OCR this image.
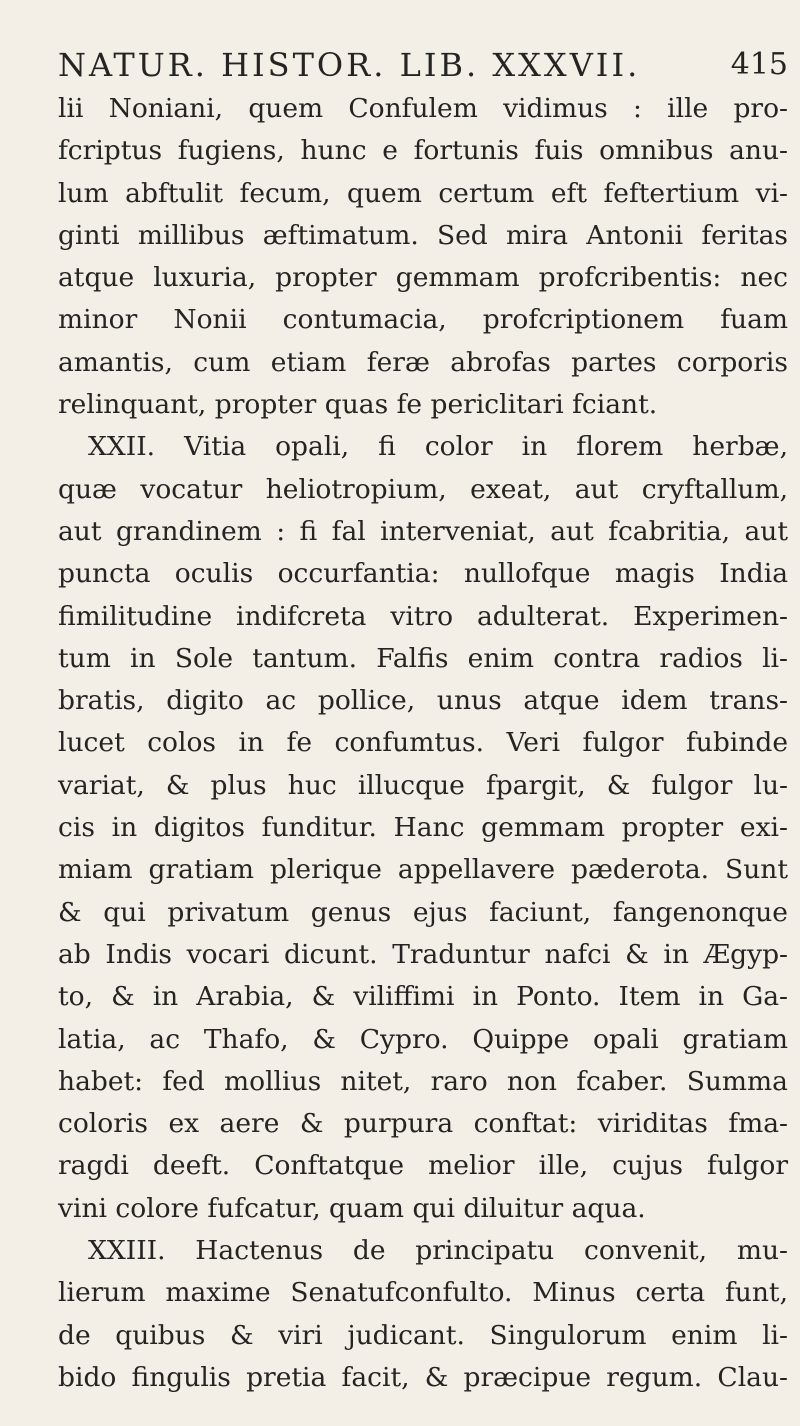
NATUR. HISTOR. LIB. XXXVII.	415
lii Noniani, quem Confulem vidimus : ille pro-
fcriptus fugiens, hunc e fortunis fuis omnibus anu-
lum abftulit fecum, quem certum eft feftertium vi-
ginti millibus æftimatum. Sed mira Antonii feritas
atque luxuria, propter gemmam profcribentis: nec
minor Nonii contumacia, profcriptionem fuam
amantis, cum etiam feræ abrofas partes corporis
relinquant, propter quas fe periclitari fciant.
XXII. Vitia opali, fi color in florem herbæ,
quæ vocatur heliotropium, exeat, aut cryftallum,
aut grandinem : fi fal interveniat, aut fcabritia, aut
puncta oculis occurfantia: nullofque magis India
fimilitudine indifcreta vitro adulterat. Experimen-
tum in Sole tantum. Falfis enim contra radios li-
bratis, digito ac pollice, unus atque idem trans-
lucet colos in fe confumtus. Veri fulgor fubinde
variat, & plus huc illucque fpargit, & fulgor lu-
cis in digitos funditur. Hanc gemmam propter exi-
miam gratiam plerique appellavere pæderota. Sunt
& qui privatum genus ejus faciunt, fangenonque
ab Indis vocari dicunt. Traduntur nafci & in Ægyp-
to, & in Arabia, & viliffimi in Ponto. Item in Ga-
latia, ac Thafo, & Cypro. Quippe opali gratiam
habet: fed mollius nitet, raro non fcaber. Summa
coloris ex aere & purpura conftat: viriditas fma-
ragdi deeft. Conftatque melior ille, cujus fulgor
vini colore fufcatur, quam qui diluitur aqua.
XXIII. Hactenus de principatu convenit, mu-
lierum maxime Senatufconfulto. Minus certa funt,
de quibus & viri judicant. Singulorum enim li-
bido fingulis pretia facit, & præcipue regum. Clau-
